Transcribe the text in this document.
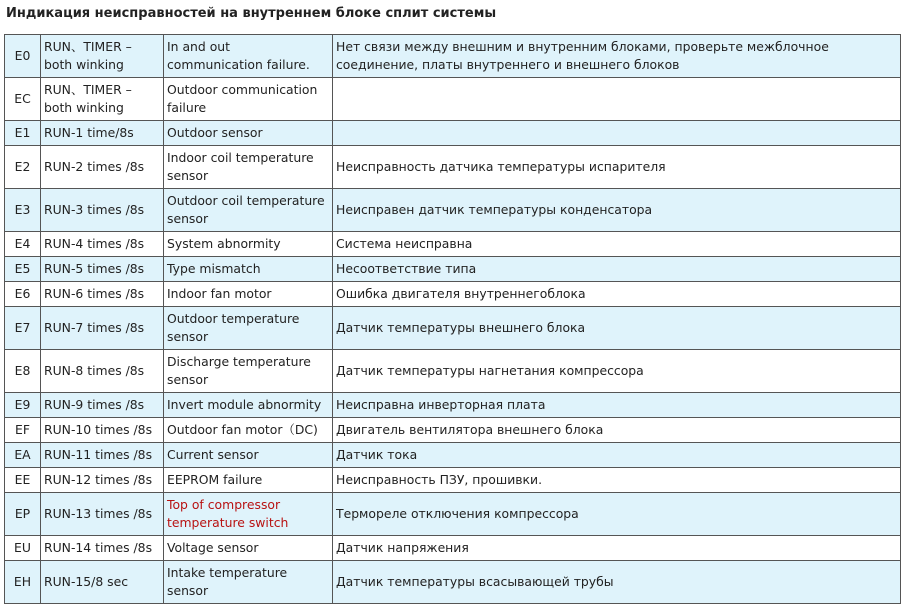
Индикация неисправностей на внутреннем блоке сплит системы
E0	RUN、TIMER – both winking	In and out communication failure.	Нет связи между внешним и внутренним блоками, проверьте межблочное соединение, платы внутреннего и внешнего блоков
EC	RUN、TIMER – both winking	Outdoor communication failure	
E1	RUN-1 time/8s	Outdoor sensor	
E2	RUN-2 times /8s	Indoor coil temperature sensor	Неисправность датчика температуры испарителя
E3	RUN-3 times /8s	Outdoor coil temperature sensor	Неисправен датчик температуры конденсатора
E4	RUN-4 times /8s	System abnormity	Система неисправна
E5	RUN-5 times /8s	Type mismatch	Несоответствие типа
E6	RUN-6 times /8s	Indoor fan motor	Ошибка двигателя внутреннегоблока
E7	RUN-7 times /8s	Outdoor temperature sensor	Датчик температуры внешнего блока
E8	RUN-8 times /8s	Discharge temperature sensor	Датчик температуры нагнетания компрессора
E9	RUN-9 times /8s	Invert module abnormity	Неисправна инверторная плата
EF	RUN-10 times /8s	Outdoor fan motor（DC)	Двигатель вентилятора внешнего блока
EA	RUN-11 times /8s	Current sensor	Датчик тока
EE	RUN-12 times /8s	EEPROM failure	Неисправность ПЗУ, прошивки.
EP	RUN-13 times /8s	Top of compressor temperature switch	Термореле отключения компрессора
EU	RUN-14 times /8s	Voltage sensor	Датчик напряжения
EH	RUN-15/8 sec	Intake temperature sensor	Датчик температуры всасывающей трубы
